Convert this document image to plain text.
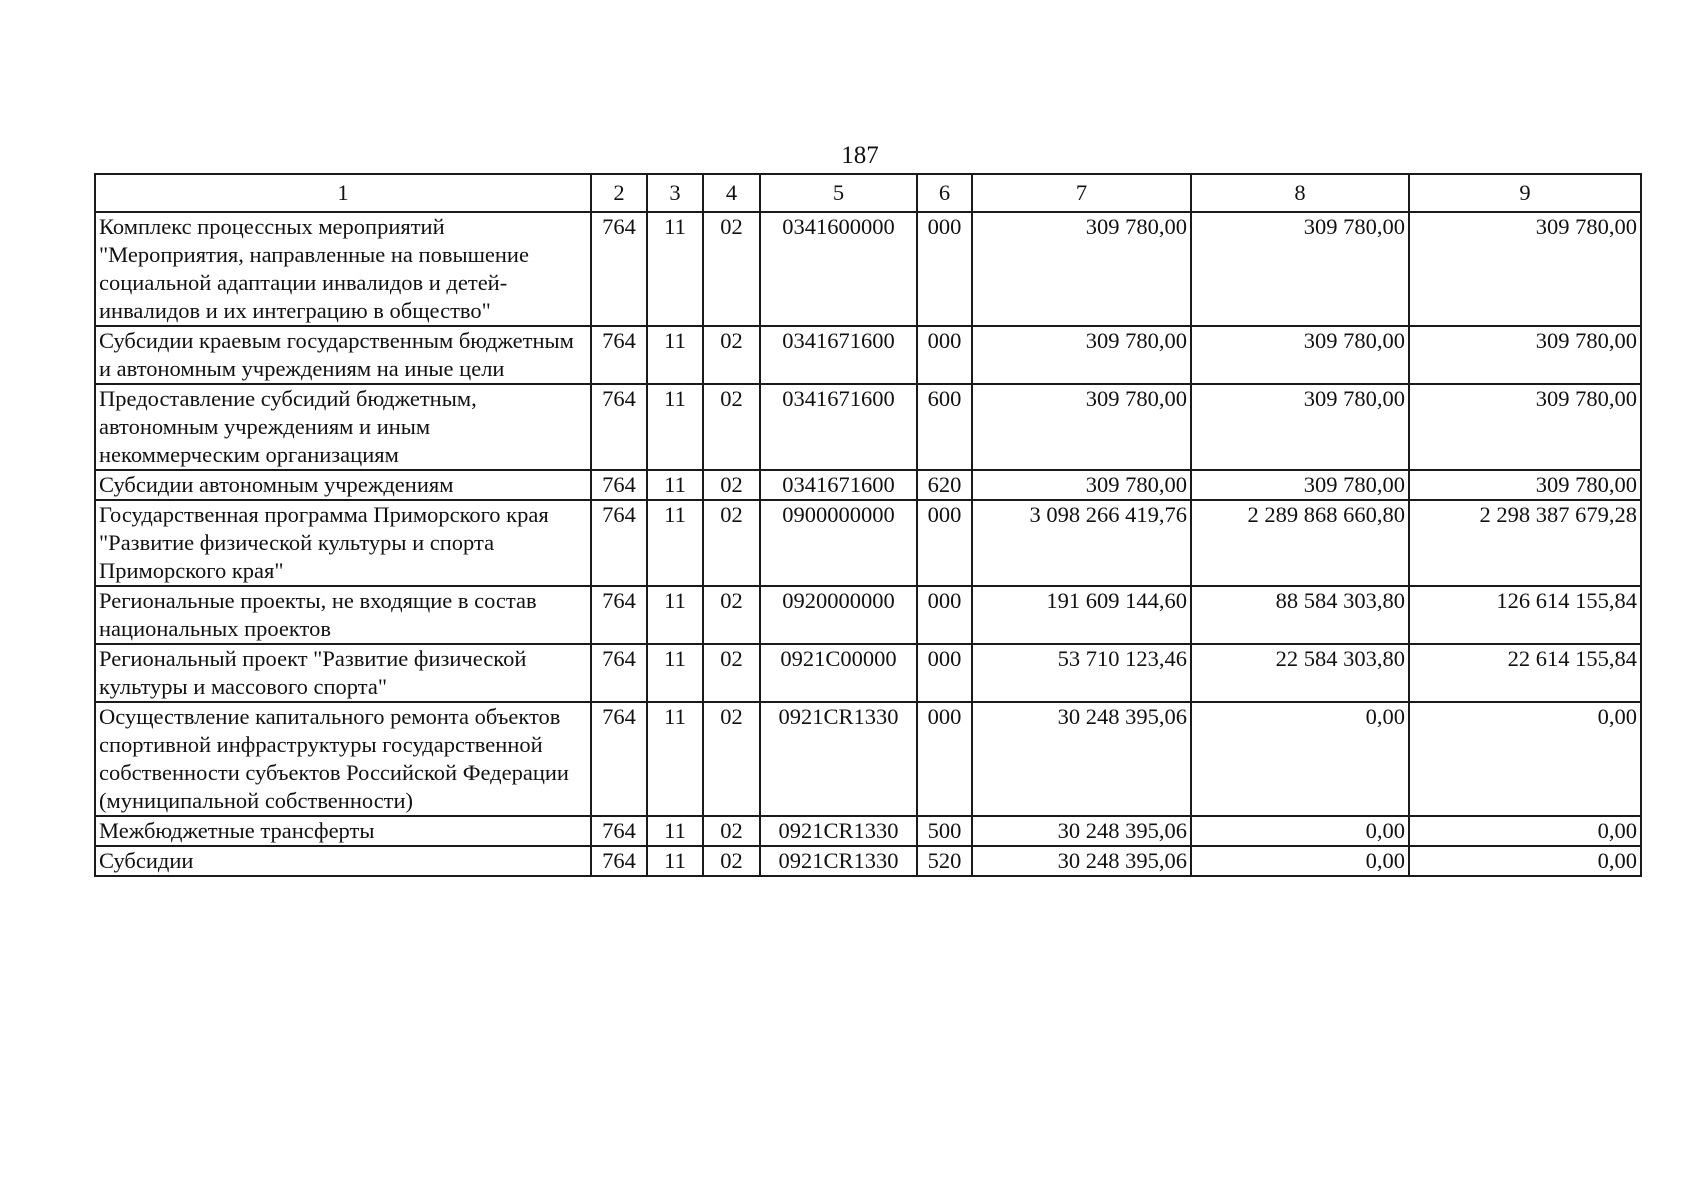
187
1	2	3	4	5	6	7	8	9
Комплекс процессных мероприятий "Мероприятия, направленные на повышение социальной адаптации инвалидов и детей-инвалидов и их интеграцию в общество"	764	11	02	0341600000	000	309 780,00	309 780,00	309 780,00
Субсидии краевым государственным бюджетным и автономным учреждениям на иные цели	764	11	02	0341671600	000	309 780,00	309 780,00	309 780,00
Предоставление субсидий бюджетным, автономным учреждениям и иным некоммерческим организациям	764	11	02	0341671600	600	309 780,00	309 780,00	309 780,00
Субсидии автономным учреждениям	764	11	02	0341671600	620	309 780,00	309 780,00	309 780,00
Государственная программа Приморского края "Развитие физической культуры и спорта Приморского края"	764	11	02	0900000000	000	3 098 266 419,76	2 289 868 660,80	2 298 387 679,28
Региональные проекты, не входящие в состав национальных проектов	764	11	02	0920000000	000	191 609 144,60	88 584 303,80	126 614 155,84
Региональный проект "Развитие физической культуры и массового спорта"	764	11	02	0921C00000	000	53 710 123,46	22 584 303,80	22 614 155,84
Осуществление капитального ремонта объектов спортивной инфраструктуры государственной собственности субъектов Российской Федерации (муниципальной собственности)	764	11	02	0921CR1330	000	30 248 395,06	0,00	0,00
Межбюджетные трансферты	764	11	02	0921CR1330	500	30 248 395,06	0,00	0,00
Субсидии	764	11	02	0921CR1330	520	30 248 395,06	0,00	0,00
